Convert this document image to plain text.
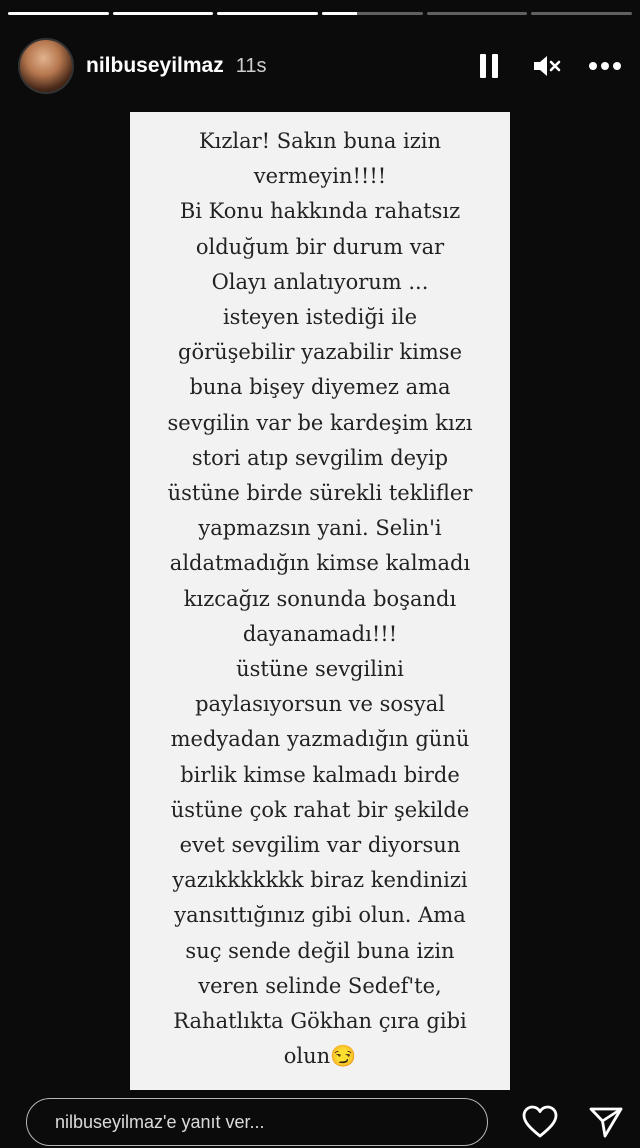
nilbuseyilmaz 11s
Kızlar! Sakın buna izin
vermeyin!!!!
Bi Konu hakkında rahatsız
olduğum bir durum var
Olayı anlatıyorum ...
isteyen istediği ile
görüşebilir yazabilir kimse
buna bişey diyemez ama
sevgilin var be kardeşim kızı
stori atıp sevgilim deyip
üstüne birde sürekli teklifler
yapmazsın yani. Selin'i
aldatmadığın kimse kalmadı
kızcağız sonunda boşandı
dayanamadı!!!
üstüne sevgilini
paylasıyorsun ve sosyal
medyadan yazmadığın günü
birlik kimse kalmadı birde
üstüne çok rahat bir şekilde
evet sevgilim var diyorsun
yazıkkkkkkk biraz kendinizi
yansıttığınız gibi olun. Ama
suç sende değil buna izin
veren selinde Sedef'te,
Rahatlıkta Gökhan çıra gibi
olun😏
nilbuseyilmaz'e yanıt ver...
